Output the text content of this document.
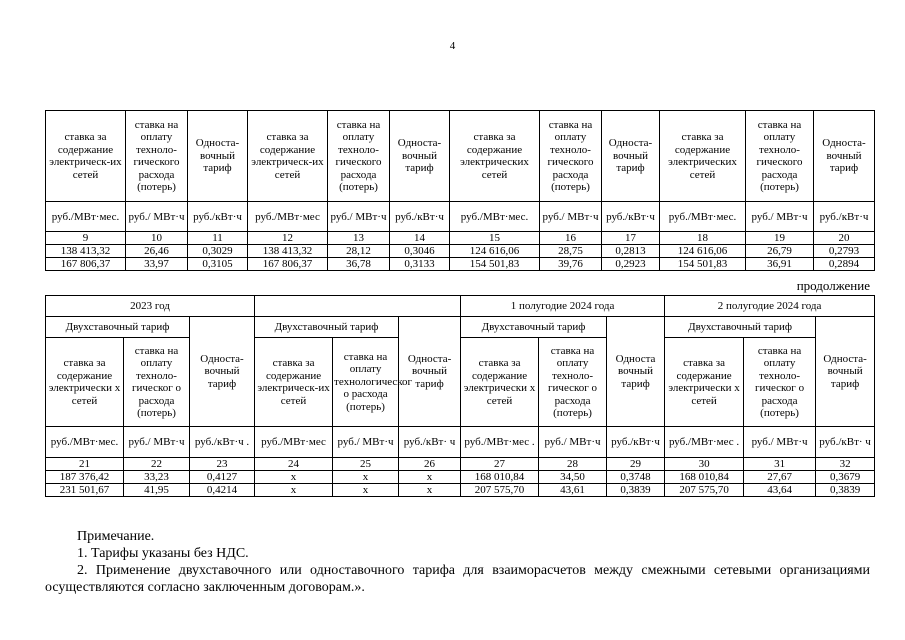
4
ставка за содержание электрическ-их сетей	ставка на оплату техноло-гического расхода (потерь)	Односта-вочный тариф	ставка за содержание электрическ-их сетей	ставка на оплату техноло-гического расхода (потерь)	Односта-вочный тариф	ставка за содержание электрических сетей	ставка на оплату техноло-гического расхода (потерь)	Односта-вочный тариф	ставка за содержание электрических сетей	ставка на оплату техноло-гического расхода (потерь)	Односта-вочный тариф
руб./МВт·мес.	руб./ МВт·ч	руб./кВт·ч	руб./МВт·мес	руб./ МВт·ч	руб./кВт·ч	руб./МВт·мес.	руб./ МВт·ч	руб./кВт·ч	руб./МВт·мес.	руб./ МВт·ч	руб./кВт·ч
9	10	11	12	13	14	15	16	17	18	19	20
138 413,32	26,46	0,3029	138 413,32	28,12	0,3046	124 616,06	28,75	0,2813	124 616,06	26,79	0,2793
167 806,37	33,97	0,3105	167 806,37	36,78	0,3133	154 501,83	39,76	0,2923	154 501,83	36,91	0,2894
продолжение
2023 год						1 полугодие 2024 года			2 полугодие 2024 года		
Двухставочный тариф		Односта-вочный тариф	Двухставочный тариф		Односта-вочный тариф	Двухставочный тариф		Односта вочный тариф	Двухставочный тариф		Односта-вочный тариф
ставка за содержание электрически х сетей	ставка на оплату техноло-гическог о расхода (потерь)		ставка за содержание электрическ-их сетей	ставка на оплату технологическог о расхода (потерь)		ставка за содержание электрически х сетей	ставка на оплату техноло-гическог о расхода (потерь)		ставка за содержание электрически х сетей	ставка на оплату техноло-гическог о расхода (потерь)	
руб./МВт·мес.	руб./ МВт·ч	руб./кВт·ч .	руб./МВт·мес	руб./ МВт·ч	руб./кВт· ч	руб./МВт·мес .	руб./ МВт·ч	руб./кВт·ч	руб./МВт·мес .	руб./ МВт·ч	руб./кВт· ч
21	22	23	24	25	26	27	28	29	30	31	32
187 376,42	33,23	0,4127	x	x	x	168 010,84	34,50	0,3748	168 010,84	27,67	0,3679
231 501,67	41,95	0,4214	x	x	x	207 575,70	43,61	0,3839	207 575,70	43,64	0,3839

Примечание.

1. Тарифы указаны без НДС.

2. Применение двухставочного или одноставочного тарифа для взаиморасчетов между смежными сетевыми организациями осуществляются согласно заключенным договорам.».
